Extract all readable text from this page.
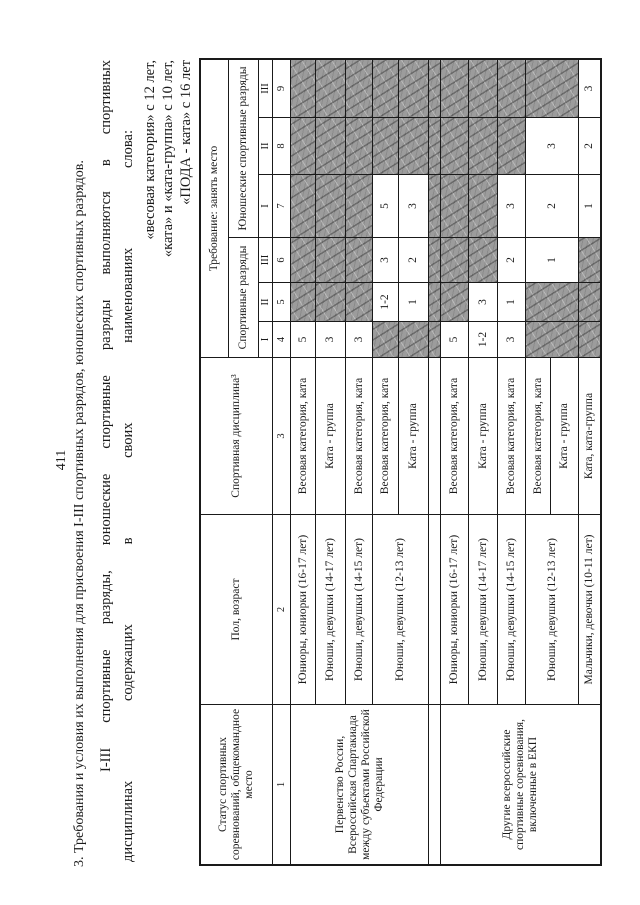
411 3. Требования и условия их выполнения для присвоения I-III спортивных разрядов, юношеских спортивных разрядов. I-III спортивные разряды, юношеские спортивные разряды выполняются в спортивных дисциплинах содержащих в своих наименованиях слова: «весовая категория» с 12 лет, «ката» и «ката-группа» с 10 лет, «ПОДА - ката» с 16 лет
Статус спортивных соревнований, общекомандное место
Пол, возраст
Спортивная дисциплина³
Требование: занять место
Спортивные разряды
Юношеские спортивные разряды
I
II
III
I
II
III
1
2
3
4
5
6
7
8
9
Юниоры, юниорки (16-17 лет)
Весовая категория, ката
5
Юноши, девушки (14-17 лет)
Ката - группа
3
Юноши, девушки (14-15 лет)
Весовая категория, ката
3
Юноши, девушки (12-13 лет)
Весовая категория, ката
1-2
3
5
Ката - группа
1
2
3
Первенство России, Всероссийская Спартакиада между субъектами Российской Федерации
Юниоры, юниорки (16-17 лет)
Весовая категория, ката
5
Юноши, девушки (14-17 лет)
Ката - группа
1-2
3
Юноши, девушки (14-15 лет)
Весовая категория, ката
3
1
2
3
Юноши, девушки (12-13 лет)
Весовая категория, ката Ката - группа
1
2
3
Мальчики, девочки (10-11 лет)
Ката, ката-группа
1
2
3
Другие всероссийские спортивные соревнования, включенные в ЕКП
